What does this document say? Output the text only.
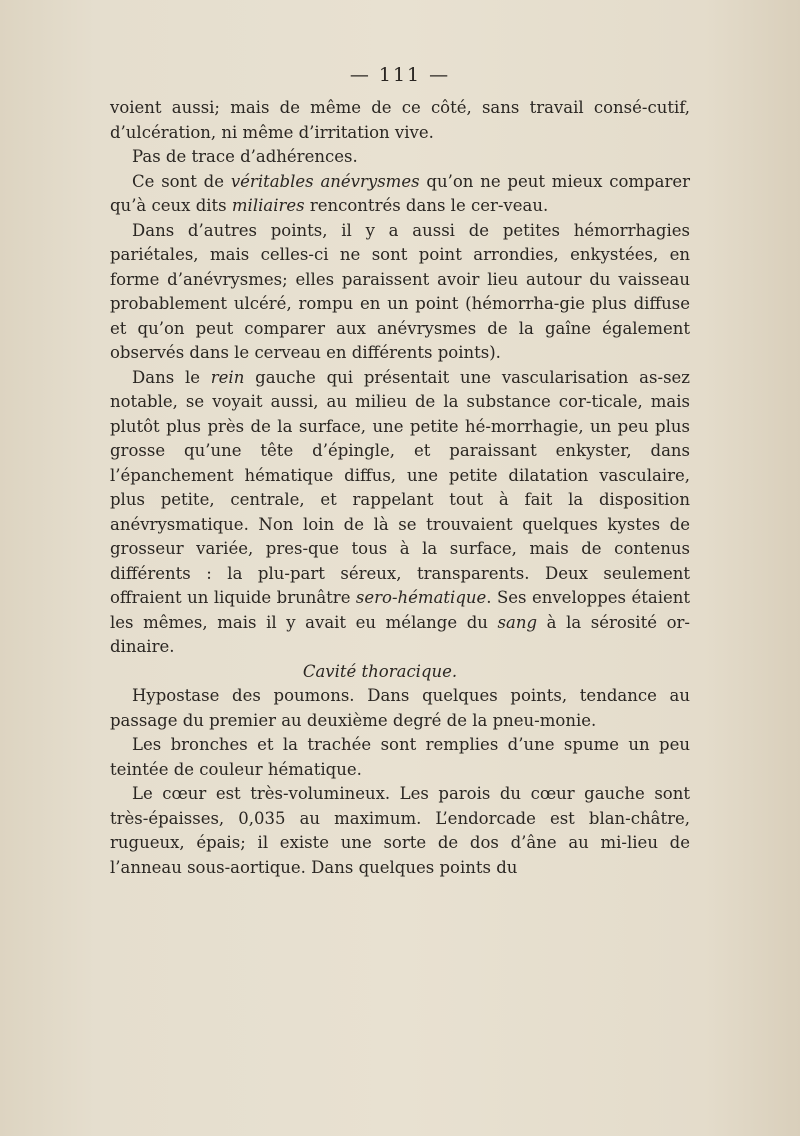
— 111 —

voient aussi; mais de même de ce côté, sans travail consé-cutif, d’ulcération, ni même d’irritation vive.

Pas de trace d’adhérences.

Ce sont de véritables anévrysmes qu’on ne peut mieux comparer qu’à ceux dits miliaires rencontrés dans le cer-veau.

Dans d’autres points, il y a aussi de petites hémorrhagies pariétales, mais celles-ci ne sont point arrondies, enkystées, en forme d’anévrysmes; elles paraissent avoir lieu autour du vaisseau probablement ulcéré, rompu en un point (hémorrha-gie plus diffuse et qu’on peut comparer aux anévrysmes de la gaîne également observés dans le cerveau en différents points).

Dans le rein gauche qui présentait une vascularisation as-sez notable, se voyait aussi, au milieu de la substance cor-ticale, mais plutôt plus près de la surface, une petite hé-morrhagie, un peu plus grosse qu’une tête d’épingle, et paraissant enkyster, dans l’épanchement hématique diffus, une petite dilatation vasculaire, plus petite, centrale, et rappelant tout à fait la disposition anévrysmatique. Non loin de là se trouvaient quelques kystes de grosseur variée, pres-que tous à la surface, mais de contenus différents : la plu-part séreux, transparents. Deux seulement offraient un liquide brunâtre sero-hématique. Ses enveloppes étaient les mêmes, mais il y avait eu mélange du sang à la sérosité or-dinaire.

Cavité thoracique.

Hypostase des poumons. Dans quelques points, tendance au passage du premier au deuxième degré de la pneu-monie.

Les bronches et la trachée sont remplies d’une spume un peu teintée de couleur hématique.

Le cœur est très-volumineux. Les parois du cœur gauche sont très-épaisses, 0,035 au maximum. L’endorcade est blan-châtre, rugueux, épais; il existe une sorte de dos d’âne au mi-lieu de l’anneau sous-aortique. Dans quelques points du
